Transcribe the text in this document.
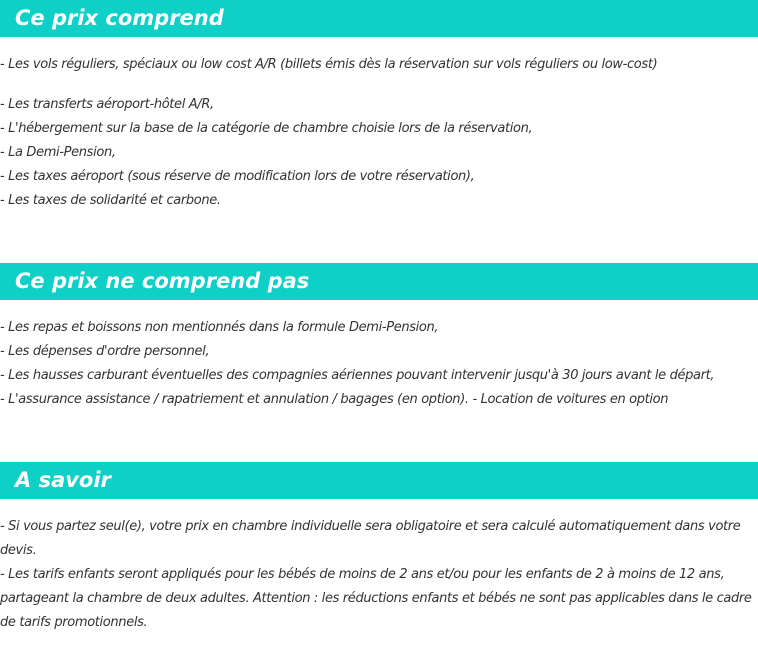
Ce prix comprend
- Les vols réguliers, spéciaux ou low cost A/R (billets émis dès la réservation sur vols réguliers ou low-cost)
- Les transferts aéroport-hôtel A/R,
- L'hébergement sur la base de la catégorie de chambre choisie lors de la réservation,
- La Demi-Pension,
- Les taxes aéroport (sous réserve de modification lors de votre réservation),
- Les taxes de solidarité et carbone.
Ce prix ne comprend pas
- Les repas et boissons non mentionnés dans la formule Demi-Pension,
- Les dépenses d'ordre personnel,
- Les hausses carburant éventuelles des compagnies aériennes pouvant intervenir jusqu'à 30 jours avant le départ,
- L'assurance assistance / rapatriement et annulation / bagages (en option). - Location de voitures en option
A savoir
- Si vous partez seul(e), votre prix en chambre individuelle sera obligatoire et sera calculé automatiquement dans votre devis.
- Les tarifs enfants seront appliqués pour les bébés de moins de 2 ans et/ou pour les enfants de 2 à moins de 12 ans, partageant la chambre de deux adultes. Attention : les réductions enfants et bébés ne sont pas applicables dans le cadre de tarifs promotionnels.
